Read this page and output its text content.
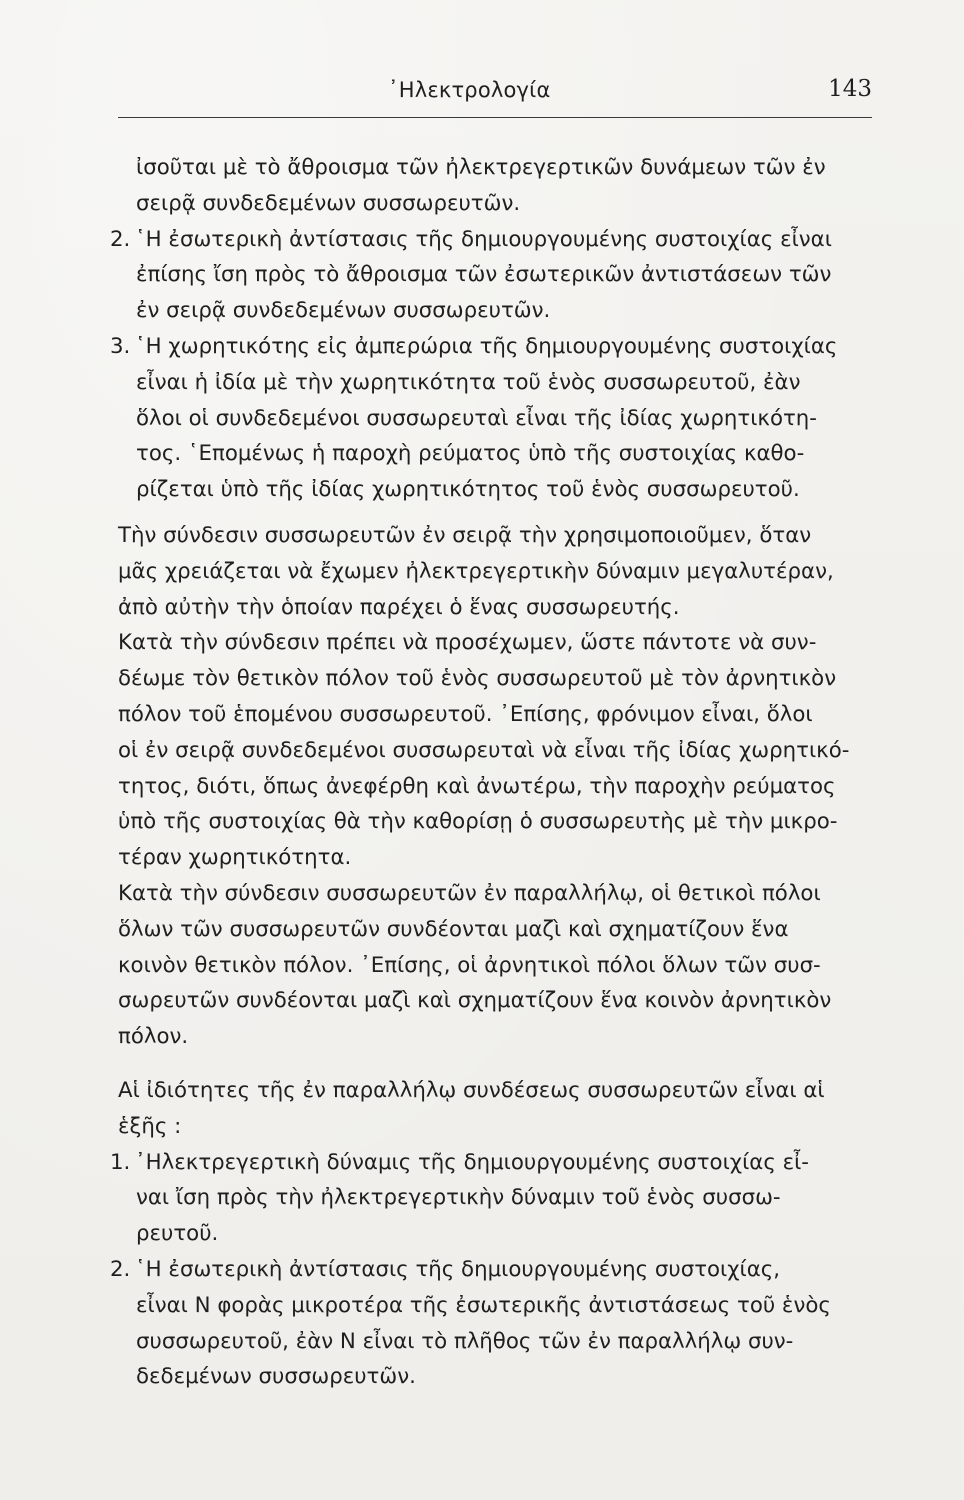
᾿Ηλεκτρολογία	143
ἰσοῦται μὲ τὸ ἄθροισμα τῶν ἠλεκτρεγερτικῶν δυνάμεων τῶν ἐν
σειρᾷ συνδεδεμένων συσσωρευτῶν.
2. ῾Η ἐσωτερικὴ ἀντίστασις τῆς δημιουργουμένης συστοιχίας εἶναι
ἐπίσης ἴση πρὸς τὸ ἄθροισμα τῶν ἐσωτερικῶν ἀντιστάσεων τῶν
ἐν σειρᾷ συνδεδεμένων συσσωρευτῶν.
3. ῾Η χωρητικότης εἰς ἀμπερώρια τῆς δημιουργουμένης συστοιχίας
εἶναι ἡ ἰδία μὲ τὴν χωρητικότητα τοῦ ἑνὸς συσσωρευτοῦ, ἐὰν
ὅλοι οἱ συνδεδεμένοι συσσωρευταὶ εἶναι τῆς ἰδίας χωρητικότη-
τος. ῾Επομένως ἡ παροχὴ ρεύματος ὑπὸ τῆς συστοιχίας καθο-
ρίζεται ὑπὸ τῆς ἰδίας χωρητικότητος τοῦ ἑνὸς συσσωρευτοῦ.
Τὴν σύνδεσιν συσσωρευτῶν ἐν σειρᾷ τὴν χρησιμοποιοῦμεν, ὅταν
μᾶς χρειάζεται νὰ ἔχωμεν ἠλεκτρεγερτικὴν δύναμιν μεγαλυτέραν,
ἀπὸ αὐτὴν τὴν ὁποίαν παρέχει ὁ ἕνας συσσωρευτής.
Κατὰ τὴν σύνδεσιν πρέπει νὰ προσέχωμεν, ὥστε πάντοτε νὰ συν-
δέωμε τὸν θετικὸν πόλον τοῦ ἑνὸς συσσωρευτοῦ μὲ τὸν ἀρνητικὸν
πόλον τοῦ ἑπομένου συσσωρευτοῦ. ᾿Επίσης, φρόνιμον εἶναι, ὅλοι
οἱ ἐν σειρᾷ συνδεδεμένοι συσσωρευταὶ νὰ εἶναι τῆς ἰδίας χωρητικό-
τητος, διότι, ὅπως ἀνεφέρθη καὶ ἀνωτέρω, τὴν παροχὴν ρεύματος
ὑπὸ τῆς συστοιχίας θὰ τὴν καθορίσῃ ὁ συσσωρευτὴς μὲ τὴν μικρο-
τέραν χωρητικότητα.
Κατὰ τὴν σύνδεσιν συσσωρευτῶν ἐν παραλλήλῳ, οἱ θετικοὶ πόλοι
ὅλων τῶν συσσωρευτῶν συνδέονται μαζὶ καὶ σχηματίζουν ἕνα
κοινὸν θετικὸν πόλον. ᾿Επίσης, οἱ ἀρνητικοὶ πόλοι ὅλων τῶν συσ-
σωρευτῶν συνδέονται μαζὶ καὶ σχηματίζουν ἕνα κοινὸν ἀρνητικὸν
πόλον.
Αἱ ἰδιότητες τῆς ἐν παραλλήλῳ συνδέσεως συσσωρευτῶν εἶναι αἱ
ἑξῆς :
1. ᾿Ηλεκτρεγερτικὴ δύναμις τῆς δημιουργουμένης συστοιχίας εἶ-
ναι ἴση πρὸς τὴν ἠλεκτρεγερτικὴν δύναμιν τοῦ ἑνὸς συσσω-
ρευτοῦ.
2. ῾Η ἐσωτερικὴ ἀντίστασις τῆς δημιουργουμένης συστοιχίας,
εἶναι Ν φορὰς μικροτέρα τῆς ἐσωτερικῆς ἀντιστάσεως τοῦ ἑνὸς
συσσωρευτοῦ, ἐὰν Ν εἶναι τὸ πλῆθος τῶν ἐν παραλλήλῳ συν-
δεδεμένων συσσωρευτῶν.
